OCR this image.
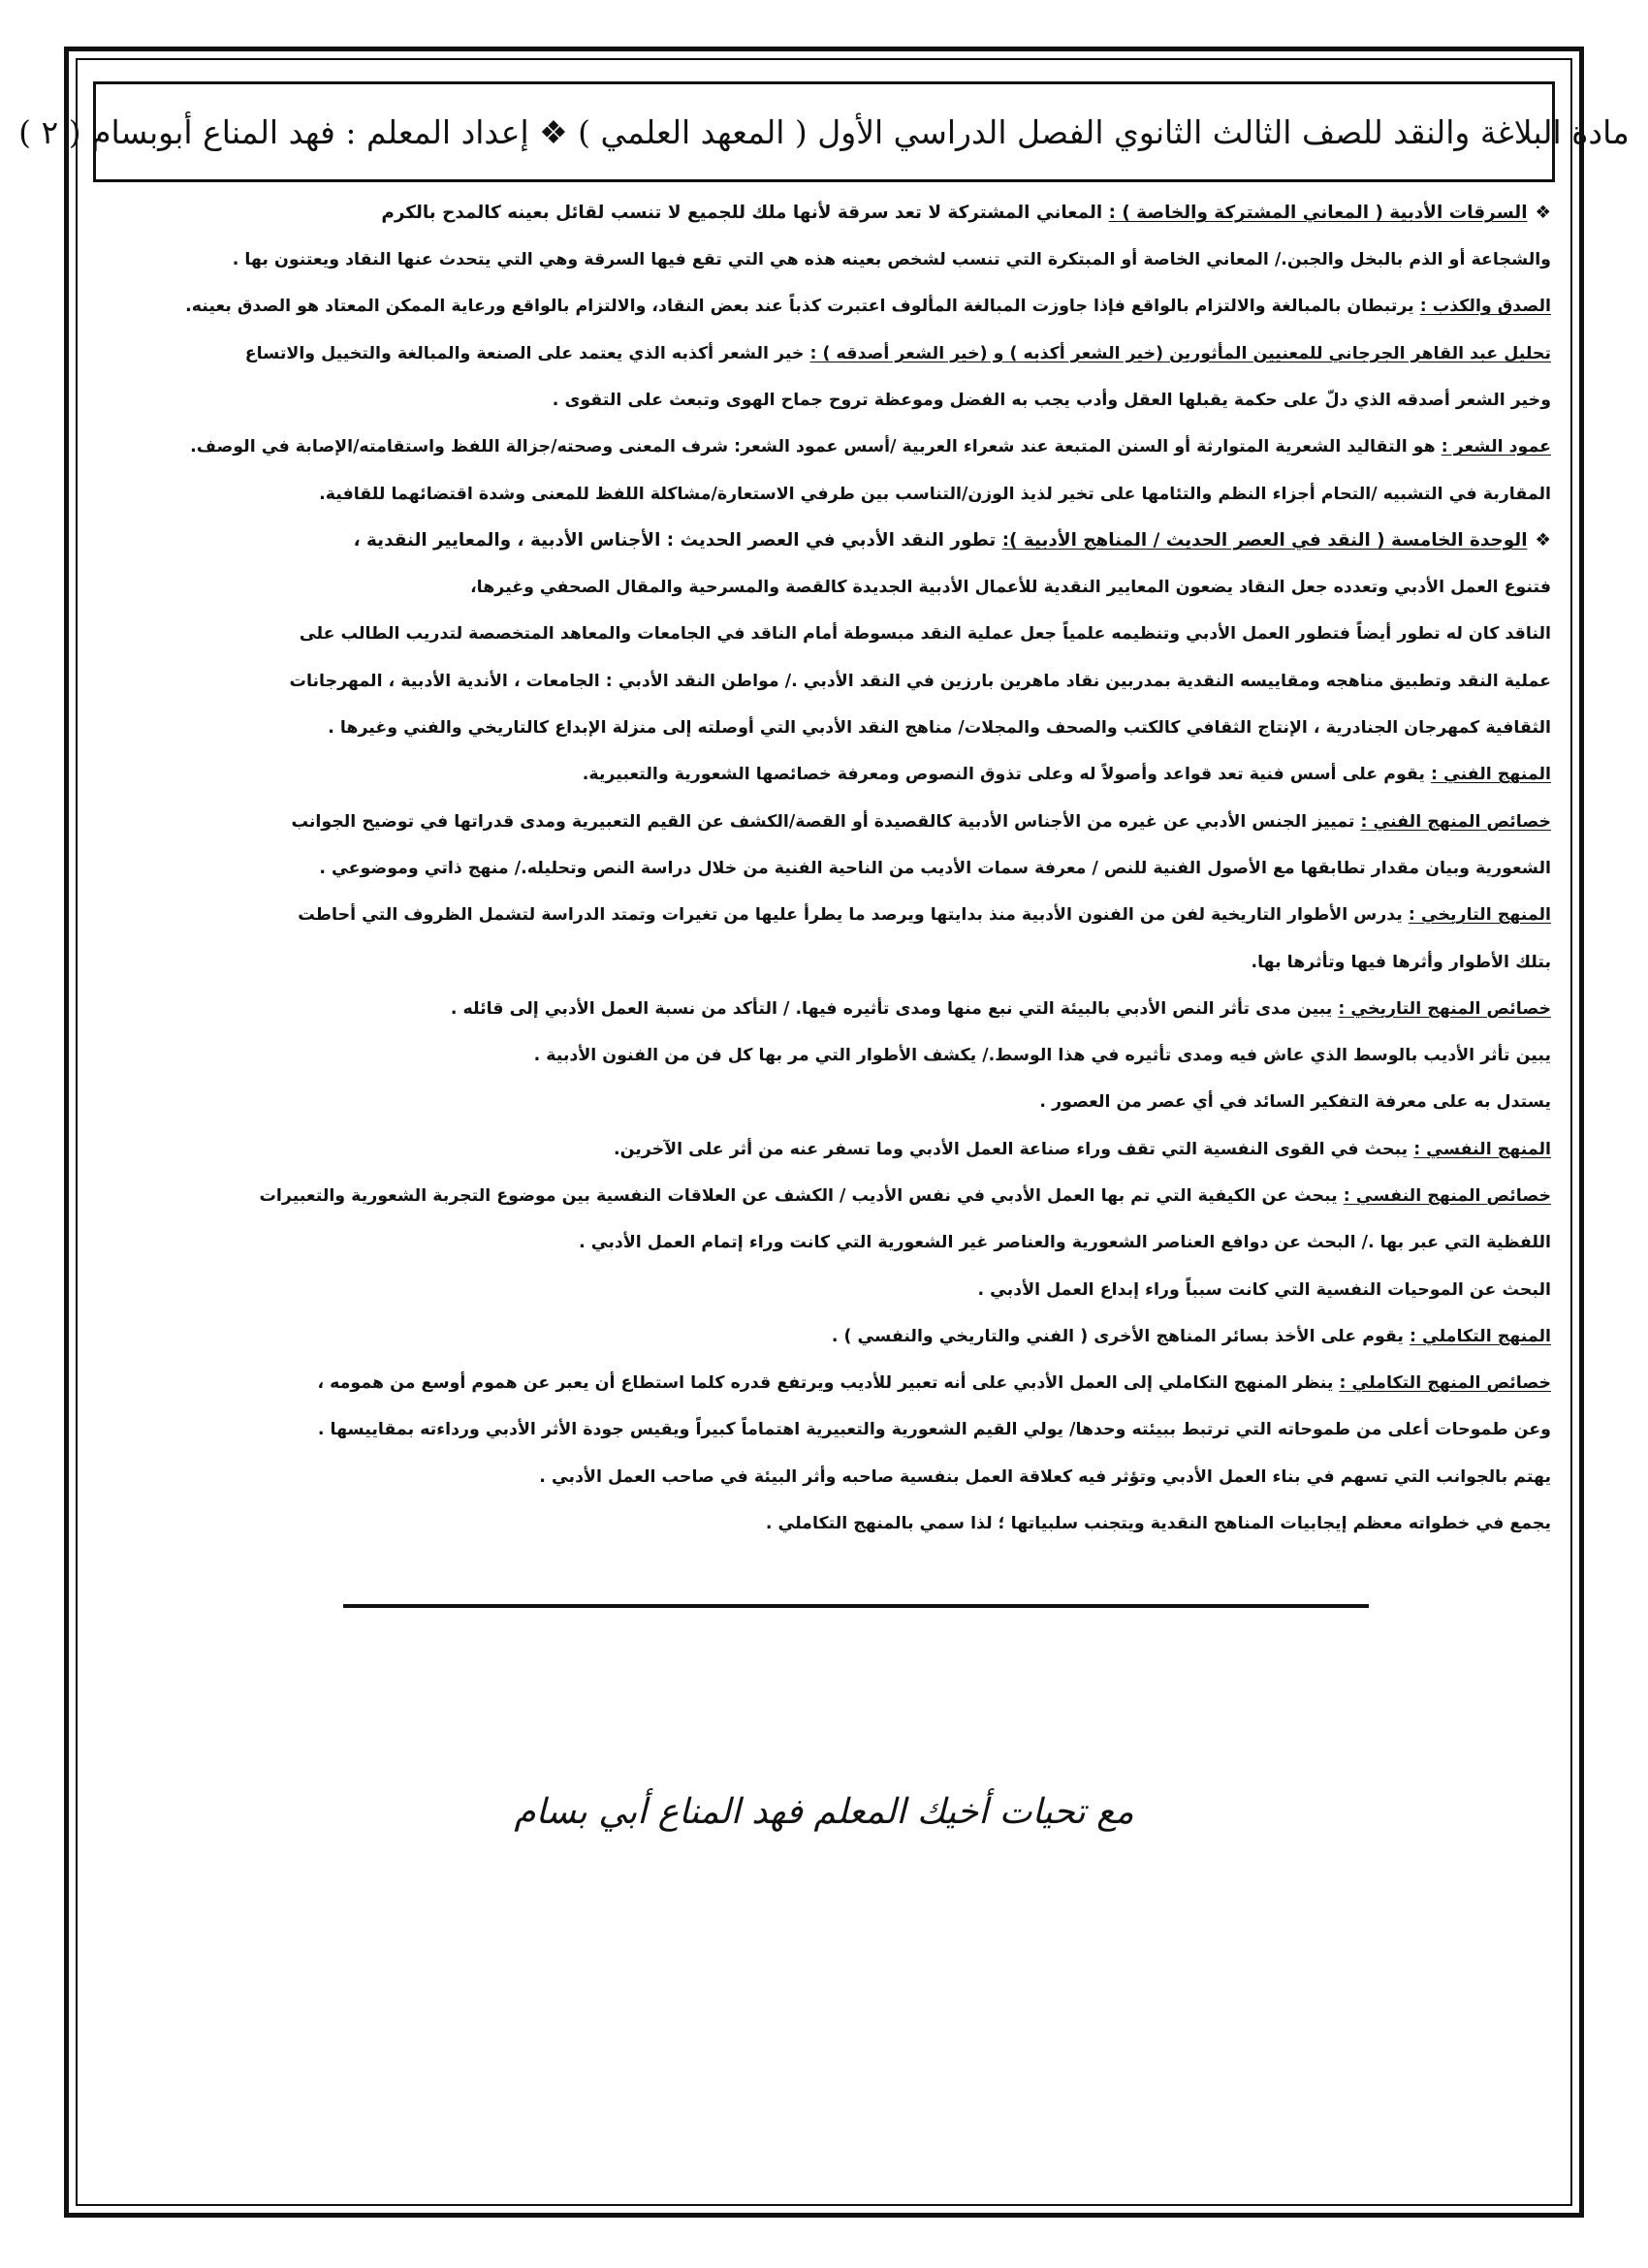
مادة البلاغة والنقد للصف الثالث الثانوي الفصل الدراسي الأول ( المعهد العلمي ) ❖ إعداد المعلم : فهد المناع أبوبسام ( ٢ )
❖
السرقات الأدبية ( المعاني المشتركة والخاصة ) :
المعاني المشتركة لا تعد سرقة لأنها ملك للجميع لا تنسب لقائل بعينه كالمدح بالكرم
والشجاعة أو الذم بالبخل والجبن./ المعاني الخاصة أو المبتكرة التي تنسب لشخص بعينه هذه هي التي تقع فيها السرقة وهي التي يتحدث عنها النقاد ويعتنون بها .
الصدق والكذب :
يرتبطان بالمبالغة والالتزام بالواقع فإذا جاوزت المبالغة المألوف اعتبرت كذباً عند بعض النقاد، والالتزام بالواقع ورعاية الممكن المعتاد هو الصدق بعينه.
تحليل عبد القاهر الجرجاني للمعنيين المأثورين (خير الشعر أكذبه ) و (خير الشعر أصدقه ) :
خير الشعر أكذبه الذي يعتمد على الصنعة والمبالغة والتخييل والاتساع
وخير الشعر أصدقه الذي دلّ على حكمة يقبلها العقل وأدب يجب به الفضل وموعظة تروح جماح الهوى وتبعث على التقوى .
عمود الشعر :
هو التقاليد الشعرية المتوارثة أو السنن المتبعة عند شعراء العربية /أسس عمود الشعر: شرف المعنى وصحته/جزالة اللفظ واستقامته/الإصابة في الوصف.
المقاربة في التشبيه /التحام أجزاء النظم والتئامها على تخير لذيذ الوزن/التناسب بين طرفي الاستعارة/مشاكلة اللفظ للمعنى وشدة اقتضائهما للقافية.
❖
الوحدة الخامسة ( النقد في العصر الحديث / المناهج الأدبية ):
تطور النقد الأدبي في العصر الحديث : الأجناس الأدبية ، والمعايير النقدية ،
فتنوع العمل الأدبي وتعدده جعل النقاد يضعون المعايير النقدية للأعمال الأدبية الجديدة كالقصة والمسرحية والمقال الصحفي وغيرها،
الناقد كان له تطور أيضاً فتطور العمل الأدبي وتنظيمه علمياً جعل عملية النقد مبسوطة أمام الناقد في الجامعات والمعاهد المتخصصة لتدريب الطالب على
عملية النقد وتطبيق مناهجه ومقاييسه النقدية بمدربين نقاد ماهرين بارزين في النقد الأدبي ./ مواطن النقد الأدبي : الجامعات ، الأندية الأدبية ، المهرجانات
الثقافية كمهرجان الجنادرية ، الإنتاج الثقافي كالكتب والصحف والمجلات/ مناهج النقد الأدبي التي أوصلته إلى منزلة الإبداع كالتاريخي والفني وغيرها .
المنهج الفني :
يقوم على أسس فنية تعد قواعد وأصولاً له وعلى تذوق النصوص ومعرفة خصائصها الشعورية والتعبيرية.
خصائص المنهج الفني :
تمييز الجنس الأدبي عن غيره من الأجناس الأدبية كالقصيدة أو القصة/الكشف عن القيم التعبيرية ومدى قدراتها في توضيح الجوانب
الشعورية وبيان مقدار تطابقها مع الأصول الفنية للنص / معرفة سمات الأديب من الناحية الفنية من خلال دراسة النص وتحليله./ منهج ذاتي وموضوعي .
المنهج التاريخي :
يدرس الأطوار التاريخية لفن من الفنون الأدبية منذ بدايتها ويرصد ما يطرأ عليها من تغيرات وتمتد الدراسة لتشمل الظروف التي أحاطت
بتلك الأطوار وأثرها فيها وتأثرها بها.
خصائص المنهج التاريخي :
يبين مدى تأثر النص الأدبي بالبيئة التي نبع منها ومدى تأثيره فيها. / التأكد من نسبة العمل الأدبي إلى قائله .
يبين تأثر الأديب بالوسط الذي عاش فيه ومدى تأثيره في هذا الوسط./ يكشف الأطوار التي مر بها كل فن من الفنون الأدبية .
يستدل به على معرفة التفكير السائد في أي عصر من العصور .
المنهج النفسي :
يبحث في القوى النفسية التي تقف وراء صناعة العمل الأدبي وما تسفر عنه من أثر على الآخرين.
خصائص المنهج النفسي :
يبحث عن الكيفية التي تم بها العمل الأدبي في نفس الأديب / الكشف عن العلاقات النفسية بين موضوع التجربة الشعورية والتعبيرات
اللفظية التي عبر بها ./ البحث عن دوافع العناصر الشعورية والعناصر غير الشعورية التي كانت وراء إتمام العمل الأدبي .
البحث عن الموحيات النفسية التي كانت سبباً وراء إبداع العمل الأدبي .
المنهج التكاملي :
يقوم على الأخذ بسائر المناهج الأخرى ( الفني والتاريخي والنفسي ) .
خصائص المنهج التكاملي :
ينظر المنهج التكاملي إلى العمل الأدبي على أنه تعبير للأديب ويرتفع قدره كلما استطاع أن يعبر عن هموم أوسع من همومه ،
وعن طموحات أعلى من طموحاته التي ترتبط ببيئته وحدها/ يولي القيم الشعورية والتعبيرية اهتماماً كبيراً ويقيس جودة الأثر الأدبي ورداءته بمقاييسها .
يهتم بالجوانب التي تسهم في بناء العمل الأدبي وتؤثر فيه كعلاقة العمل بنفسية صاحبه وأثر البيئة في صاحب العمل الأدبي .
يجمع في خطواته معظم إيجابيات المناهج النقدية ويتجنب سلبياتها ؛ لذا سمي بالمنهج التكاملي .
مع تحيات أخيك المعلم فهد المناع أبي بسام
